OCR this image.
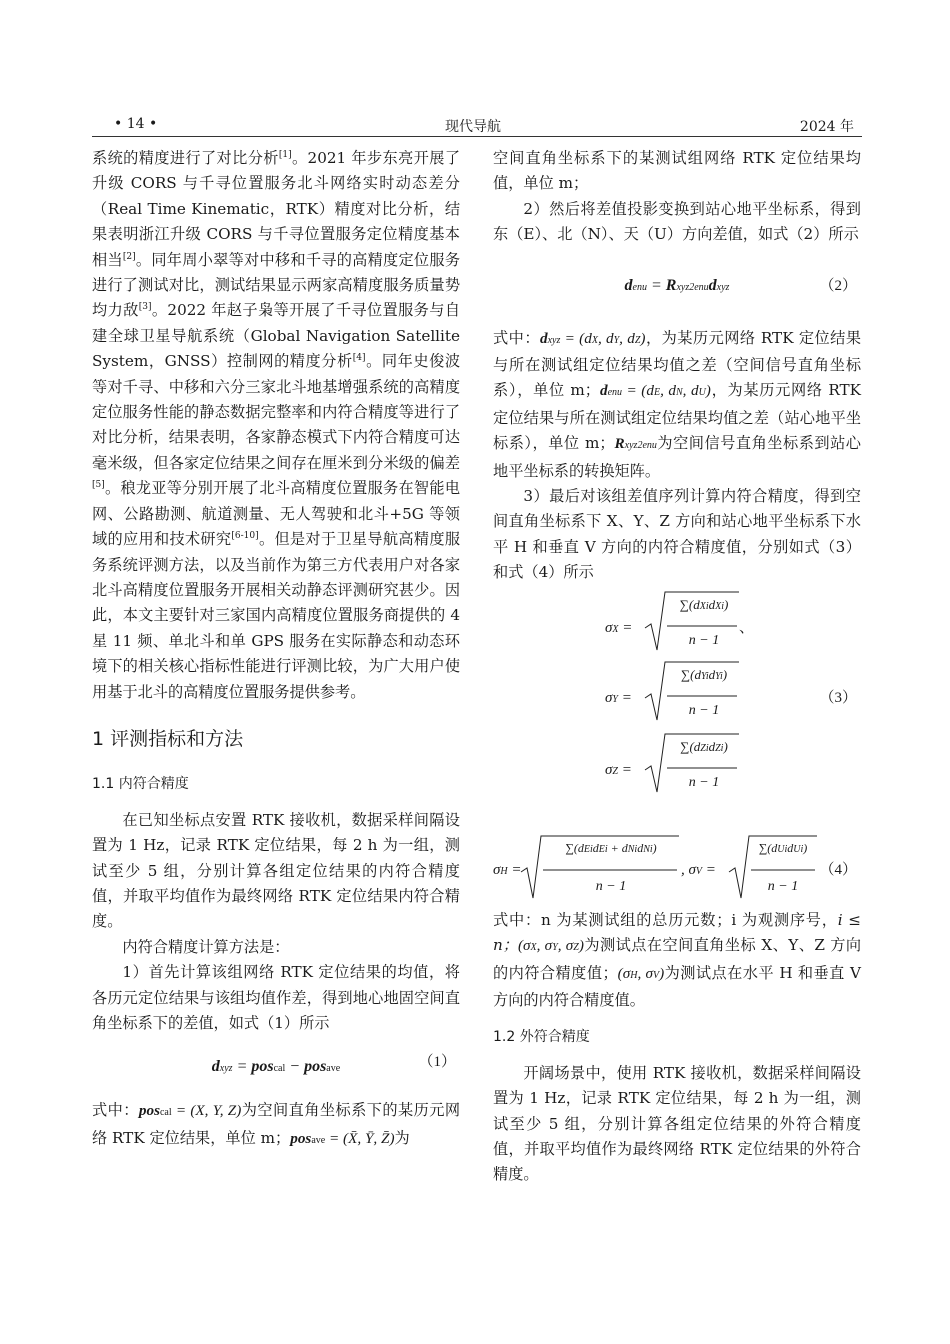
• 14 •	现代导航	2024 年

系统的精度进行了对比分析[1]。2021 年步东亮开展了升级 CORS 与千寻位置服务北斗网络实时动态差分（Real Time Kinematic，RTK）精度对比分析，结果表明浙江升级 CORS 与千寻位置服务定位精度基本相当[2]。同年周小翠等对中移和千寻的高精度定位服务进行了测试对比，测试结果显示两家高精度服务质量势均力敌[3]。2022 年赵子枭等开展了千寻位置服务与自建全球卫星导航系统（Global Navigation Satellite System，GNSS）控制网的精度分析[4]。同年史俊波等对千寻、中移和六分三家北斗地基增强系统的高精度定位服务性能的静态数据完整率和内符合精度等进行了对比分析，结果表明，各家静态模式下内符合精度可达毫米级，但各家定位结果之间存在厘米到分米级的偏差[5]。稂龙亚等分别开展了北斗高精度位置服务在智能电网、公路勘测、航道测量、无人驾驶和北斗+5G 等领域的应用和技术研究[6-10]。但是对于卫星导航高精度服务系统评测方法，以及当前作为第三方代表用户对各家北斗高精度位置服务开展相关动静态评测研究甚少。因此，本文主要针对三家国内高精度位置服务商提供的 4 星 11 频、单北斗和单 GPS 服务在实际静态和动态环境下的相关核心指标性能进行评测比较，为广大用户使用基于北斗的高精度位置服务提供参考。

1 评测指标和方法
1.1 内符合精度

在已知坐标点安置 RTK 接收机，数据采样间隔设置为 1 Hz，记录 RTK 定位结果，每 2 h 为一组，测试至少 5 组，分别计算各组定位结果的内符合精度值，并取平均值作为最终网络 RTK 定位结果内符合精度。

内符合精度计算方法是：

1）首先计算该组网络 RTK 定位结果的均值，将各历元定位结果与该组均值作差，得到地心地固空间直角坐标系下的差值，如式（1）所示

dxyz = poscal − posave	（1）

式中：poscal = (X, Y, Z)为空间直角坐标系下的某历元网络 RTK 定位结果，单位 m；posave = (X̄, Ȳ, Z̄)为

空间直角坐标系下的某测试组网络 RTK 定位结果均值，单位 m；

2）然后将差值投影变换到站心地平坐标系，得到东（E）、北（N）、天（U）方向差值，如式（2）所示

denu = Rxyz2enudxyz	（2）

式中：dxyz = (dX, dY, dZ)，为某历元网络 RTK 定位结果与所在测试组定位结果均值之差（空间信号直角坐标系），单位 m；denu = (dE, dN, dU)，为某历元网络 RTK 定位结果与所在测试组定位结果均值之差（站心地平坐标系），单位 m；Rxyz2enu为空间信号直角坐标系到站心地平坐标系的转换矩阵。

3）最后对该组差值序列计算内符合精度，得到空间直角坐标系下 X、Y、Z 方向和站心地平坐标系下水平 H 和垂直 V 方向的内符合精度值，分别如式（3）和式（4）所示

σX =
σY =
σZ =
∑(dXidXi)
n − 1
∑(dYidYi)
n − 1
∑(dZidZi)
n − 1
、
（3）
σH =
∑(dEidEi + dNidNi)
n − 1
, σV =
∑(dUidUi)
n − 1
（4）

式中：n 为某测试组的总历元数；i 为观测序号，i ≤ n；(σX, σY, σZ)为测试点在空间直角坐标 X、Y、Z 方向的内符合精度值；(σH, σV)为测试点在水平 H 和垂直 V 方向的内符合精度值。

1.2 外符合精度

开阔场景中，使用 RTK 接收机，数据采样间隔设置为 1 Hz，记录 RTK 定位结果，每 2 h 为一组，测试至少 5 组，分别计算各组定位结果的外符合精度值，并取平均值作为最终网络 RTK 定位结果的外符合精度。
